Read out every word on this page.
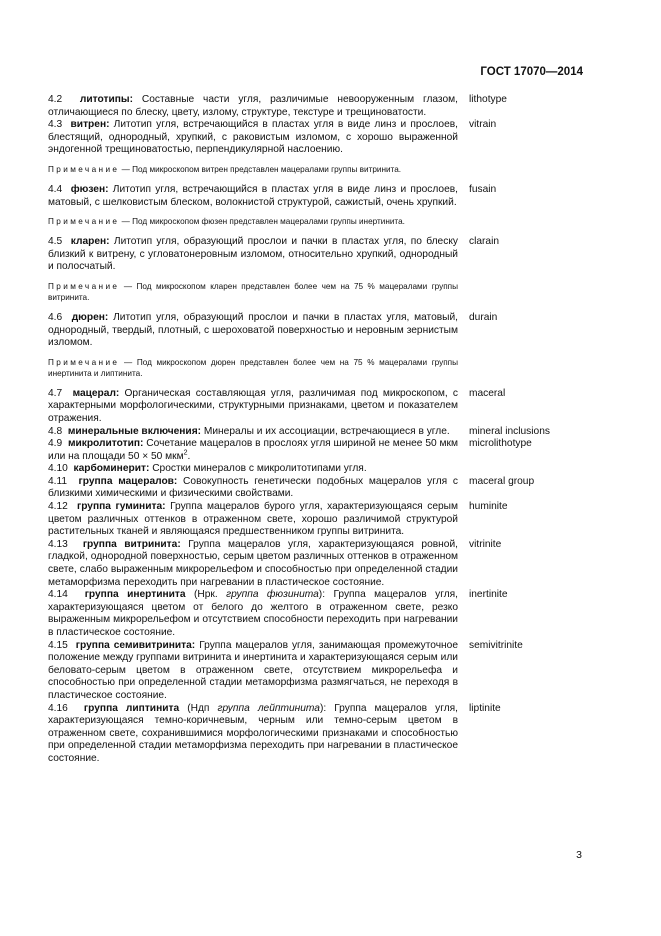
ГОСТ 17070—2014
4.2 литотипы: Составные части угля, различимые невооруженным глазом, отличающиеся по блеску, цвету, излому, структуре, текстуре и трещиноватости.
lithotype
4.3 витрен: Литотип угля, встречающийся в пластах угля в виде линз и прослоев, блестящий, однородный, хрупкий, с раковистым изломом, с хорошо выраженной эндогенной трещиноватостью, перпендикулярной наслоению.
vitrain
Примечание — Под микроскопом витрен представлен мацералами группы витринита.
4.4 фюзен: Литотип угля, встречающийся в пластах угля в виде линз и прослоев, матовый, с шелковистым блеском, волокнистой структурой, сажистый, очень хрупкий.
fusain
Примечание — Под микроскопом фюзен представлен мацералами группы инертинита.
4.5 кларен: Литотип угля, образующий прослои и пачки в пластах угля, по блеску близкий к витрену, с угловатонеровным изломом, относительно хрупкий, однородный и полосчатый.
clarain
Примечание — Под микроскопом кларен представлен более чем на 75 % мацералами группы витринита.
4.6 дюрен: Литотип угля, образующий прослои и пачки в пластах угля, матовый, однородный, твердый, плотный, с шероховатой поверхностью и неровным зернистым изломом.
durain
Примечание — Под микроскопом дюрен представлен более чем на 75 % мацералами группы инертинита и липтинита.
4.7 мацерал: Органическая составляющая угля, различимая под микроскопом, с характерными морфологическими, структурными признаками, цветом и показателем отражения.
maceral
4.8 минеральные включения: Минералы и их ассоциации, встречающиеся в угле.	mineral inclusions
4.9 микролитотип: Сочетание мацералов в прослоях угля шириной не менее 50 мкм или на площади 50 × 50 мкм$^2$.
microlithotype
4.10 карбоминерит: Сростки минералов с микролитотипами угля.
4.11 группа мацералов: Совокупность генетически подобных мацералов угля с близкими химическими и физическими свойствами.
maceral group
4.12 группа гуминита: Группа мацералов бурого угля, характеризующаяся серым цветом различных оттенков в отраженном свете, хорошо различимой структурой растительных тканей и являющаяся предшественником группы витринита.
huminite
4.13 группа витринита: Группа мацералов угля, характеризующаяся ровной, гладкой, однородной поверхностью, серым цветом различных оттенков в отраженном свете, слабо выраженным микрорельефом и способностью при определенной стадии метаморфизма переходить при нагревании в пластическое состояние.
vitrinite
4.14 группа инертинита (Нрк. группа фюзинита): Группа мацералов угля, характеризующаяся цветом от белого до желтого в отраженном свете, резко выраженным микрорельефом и отсутствием способности переходить при нагревании в пластическое состояние.
inertinite
4.15 группа семивитринита: Группа мацералов угля, занимающая промежуточное положение между группами витринита и инертинита и характеризующаяся серым или беловато-серым цветом в отраженном свете, отсутствием микрорельефа и способностью при определенной стадии метаморфизма размягчаться, не переходя в пластическое состояние.
semivitrinite
4.16 группа липтинита (Ндп группа лейптинита): Группа мацералов угля, характеризующаяся темно-коричневым, черным или темно-серым цветом в отраженном свете, сохранившимися морфологическими признаками и способностью при определенной стадии метаморфизма переходить при нагревании в пластическое состояние.
liptinite
3
